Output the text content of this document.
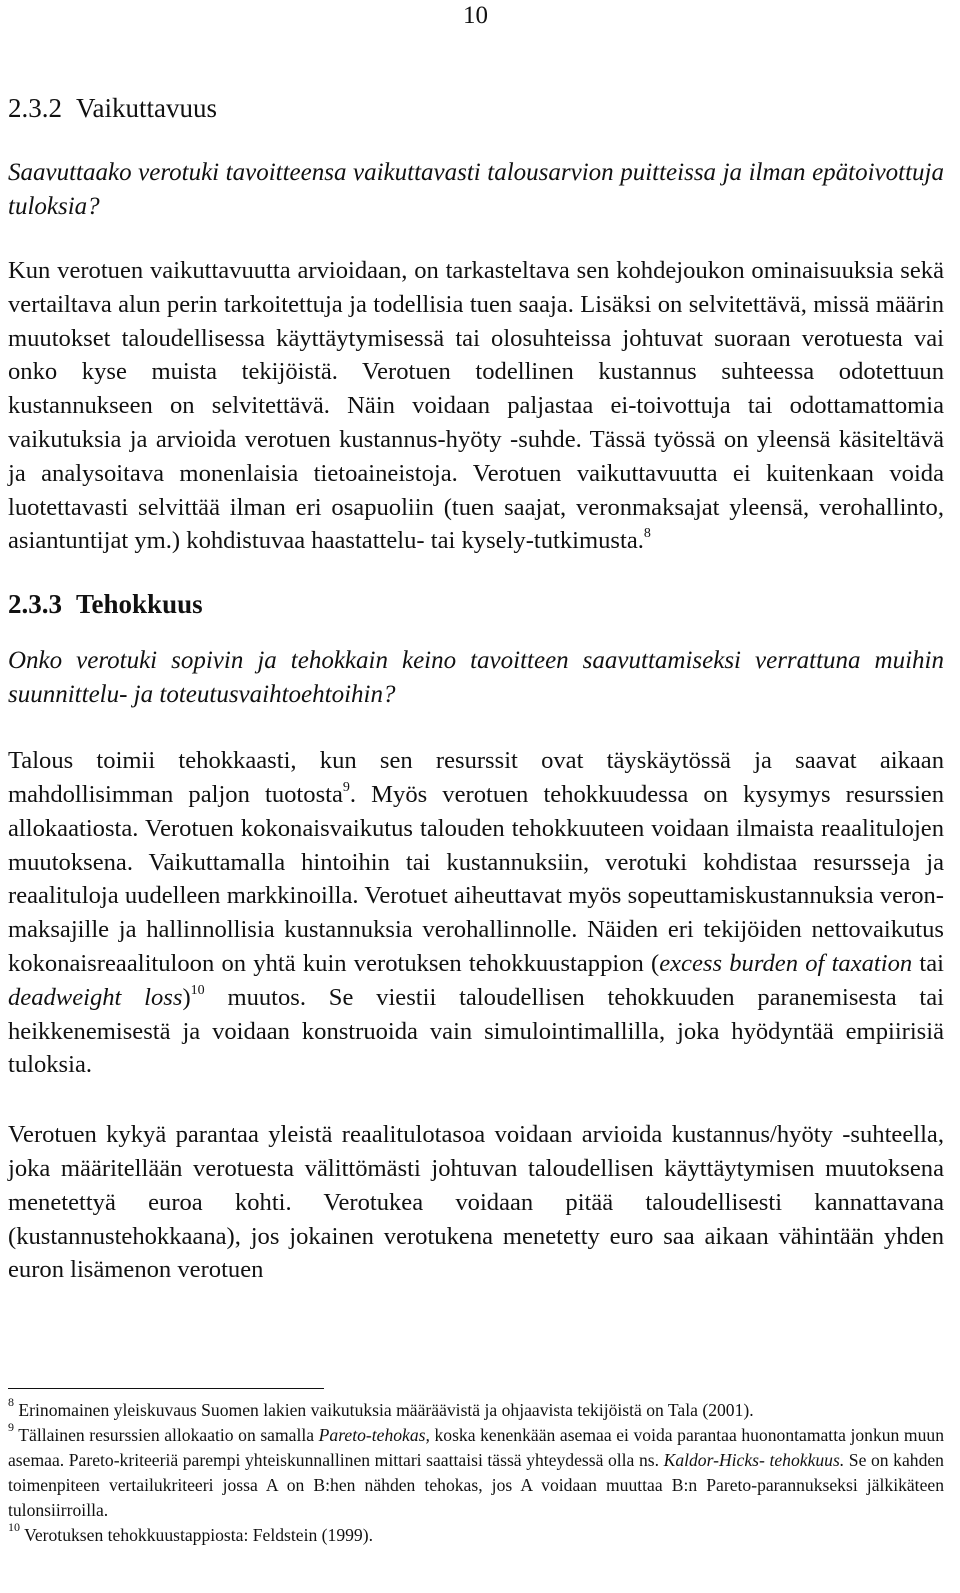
10
2.3.2 Vaikuttavuus

Saavuttaako verotuki tavoitteensa vaikuttavasti talousarvion puitteissa ja ilman epätoivottuja tuloksia?

Kun verotuen vaikuttavuutta arvioidaan, on tarkasteltava sen kohdejoukon ominaisuuksia sekä vertailtava alun perin tarkoitettuja ja todellisia tuen saaja. Lisäksi on selvitettävä, missä määrin muutokset taloudellisessa käyttäytymisessä tai olosuhteissa johtuvat suoraan verotuesta vai onko kyse muista tekijöistä. Verotuen todellinen kustannus suhteessa odotettuun kustannukseen on selvitettävä. Näin voidaan paljastaa ei-toivottuja tai odottamattomia vaikutuksia ja arvioida verotuen kustannus-hyöty -suhde. Tässä työssä on yleensä käsiteltävä ja analysoitava monenlaisia tietoaineistoja. Verotuen vaikuttavuutta ei kuitenkaan voida luotettavasti selvittää ilman eri osapuoliin (tuen saajat, veronmaksajat yleensä, verohallinto, asiantuntijat ym.) kohdistuvaa haastattelu- tai kysely-tutkimusta.$^8$

2.3.3 Tehokkuus

Onko verotuki sopivin ja tehokkain keino tavoitteen saavuttamiseksi verrattuna muihin suunnittelu- ja toteutusvaihtoehtoihin?

Talous toimii tehokkaasti, kun sen resurssit ovat täyskäytössä ja saavat aikaan mahdollisimman paljon tuotosta$^9$. Myös verotuen tehokkuudessa on kysymys resurssien allokaatiosta. Verotuen kokonaisvaikutus talouden tehokkuuteen voidaan ilmaista reaalitulojen muutoksena. Vaikuttamalla hintoihin tai kustannuksiin, verotuki kohdistaa resursseja ja reaalituloja uudelleen markkinoilla. Verotuet aiheuttavat myös sopeuttamiskustannuksia veron-maksajille ja hallinnollisia kustannuksia verohallinnolle. Näiden eri tekijöiden nettovaikutus kokonaisreaalituloon on yhtä kuin verotuksen tehokkuustappion (excess burden of taxation tai deadweight loss)$^{10}$ muutos. Se viestii taloudellisen tehokkuuden paranemisesta tai heikkenemisestä ja voidaan konstruoida vain simulointimallilla, joka hyödyntää empiirisiä tuloksia.

Verotuen kykyä parantaa yleistä reaalitulotasoa voidaan arvioida kustannus/hyöty -suhteella, joka määritellään verotuesta välittömästi johtuvan taloudellisen käyttäytymisen muutoksena menetettyä euroa kohti. Verotukea voidaan pitää taloudellisesti kannattavana (kustannustehokkaana), jos jokainen verotukena menetetty euro saa aikaan vähintään yhden euron lisämenon verotuen

$^8$ Erinomainen yleiskuvaus Suomen lakien vaikutuksia määräävistä ja ohjaavista tekijöistä on Tala (2001).

$^9$ Tällainen resurssien allokaatio on samalla Pareto-tehokas, koska kenenkään asemaa ei voida parantaa huonontamatta jonkun muun asemaa. Pareto-kriteeriä parempi yhteiskunnallinen mittari saattaisi tässä yhteydessä olla ns. Kaldor-Hicks- tehokkuus. Se on kahden toimenpiteen vertailukriteeri jossa A on B:hen nähden tehokas, jos A voidaan muuttaa B:n Pareto-parannukseksi jälkikäteen tulonsiirroilla.

$^{10}$ Verotuksen tehokkuustappiosta: Feldstein (1999).
